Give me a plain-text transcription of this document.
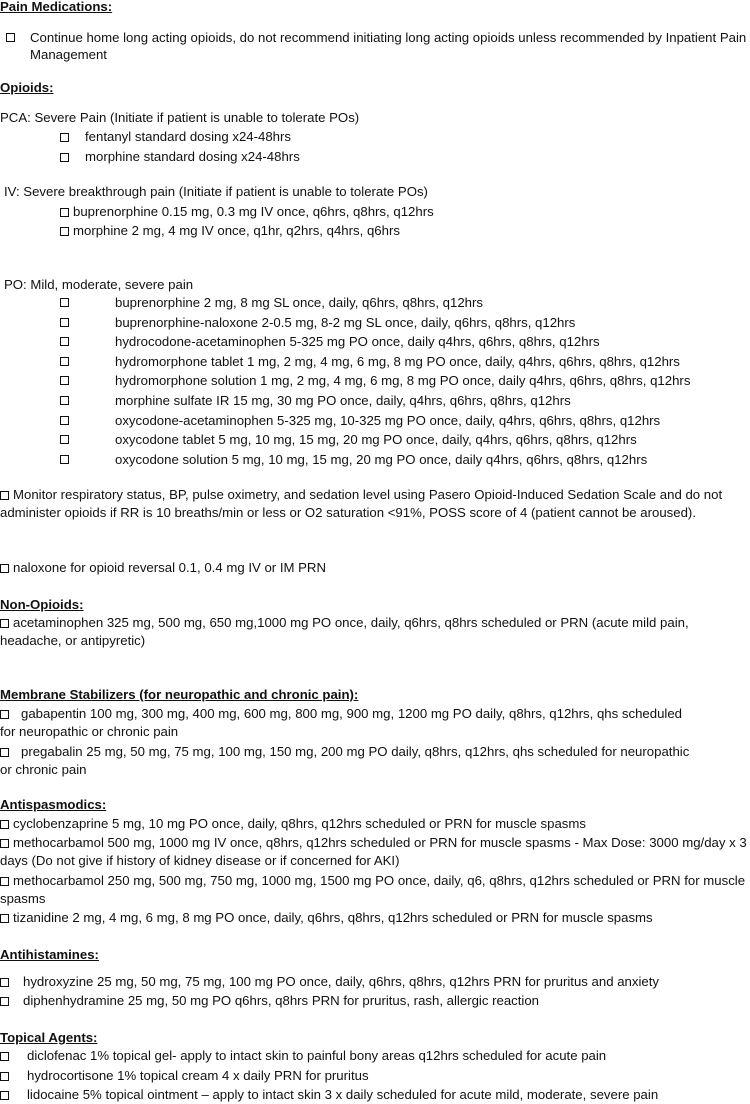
Pain Medications:
Continue home long acting opioids, do not recommend initiating long acting opioids unless recommended by Inpatient Pain Management
Opioids:
PCA: Severe Pain (Initiate if patient is unable to tolerate POs)
fentanyl standard dosing x24-48hrs
morphine standard dosing x24-48hrs
IV: Severe breakthrough pain (Initiate if patient is unable to tolerate POs)
buprenorphine 0.15 mg, 0.3 mg IV once, q6hrs, q8hrs, q12hrs
morphine 2 mg, 4 mg IV once, q1hr, q2hrs, q4hrs, q6hrs
PO: Mild, moderate, severe pain
buprenorphine 2 mg, 8 mg SL once, daily, q6hrs, q8hrs, q12hrs
buprenorphine-naloxone 2-0.5 mg, 8-2 mg SL once, daily, q6hrs, q8hrs, q12hrs
hydrocodone-acetaminophen 5-325 mg PO once, daily q4hrs, q6hrs, q8hrs, q12hrs
hydromorphone tablet 1 mg, 2 mg, 4 mg, 6 mg, 8 mg PO once, daily, q4hrs, q6hrs, q8hrs, q12hrs
hydromorphone solution 1 mg, 2 mg, 4 mg, 6 mg, 8 mg PO once, daily q4hrs, q6hrs, q8hrs, q12hrs
morphine sulfate IR 15 mg, 30 mg PO once, daily, q4hrs, q6hrs, q8hrs, q12hrs
oxycodone-acetaminophen 5-325 mg, 10-325 mg PO once, daily, q4hrs, q6hrs, q8hrs, q12hrs
oxycodone tablet 5 mg, 10 mg, 15 mg, 20 mg PO once, daily, q4hrs, q6hrs, q8hrs, q12hrs
oxycodone solution 5 mg, 10 mg, 15 mg, 20 mg PO once, daily q4hrs, q6hrs, q8hrs, q12hrs
Monitor respiratory status, BP, pulse oximetry, and sedation level using Pasero Opioid-Induced Sedation Scale and do not administer opioids if RR is 10 breaths/min or less or O2 saturation <91%, POSS score of 4 (patient cannot be aroused).
naloxone for opioid reversal 0.1, 0.4 mg IV or IM PRN
Non-Opioids:
acetaminophen 325 mg, 500 mg, 650 mg,1000 mg PO once, daily, q6hrs, q8hrs scheduled or PRN (acute mild pain, headache, or antipyretic)
Membrane Stabilizers (for neuropathic and chronic pain):
gabapentin 100 mg, 300 mg, 400 mg, 600 mg, 800 mg, 900 mg, 1200 mg PO daily, q8hrs, q12hrs, qhs scheduled for neuropathic or chronic pain
pregabalin 25 mg, 50 mg, 75 mg, 100 mg, 150 mg, 200 mg PO daily, q8hrs, q12hrs, qhs scheduled for neuropathic or chronic pain
Antispasmodics:
cyclobenzaprine 5 mg, 10 mg PO once, daily, q8hrs, q12hrs scheduled or PRN for muscle spasms
methocarbamol 500 mg, 1000 mg IV once, q8hrs, q12hrs scheduled or PRN for muscle spasms - Max Dose: 3000 mg/day x 3 days (Do not give if history of kidney disease or if concerned for AKI)
methocarbamol 250 mg, 500 mg, 750 mg, 1000 mg, 1500 mg PO once, daily, q6, q8hrs, q12hrs scheduled or PRN for muscle spasms
tizanidine 2 mg, 4 mg, 6 mg, 8 mg PO once, daily, q6hrs, q8hrs, q12hrs scheduled or PRN for muscle spasms
Antihistamines:
hydroxyzine 25 mg, 50 mg, 75 mg, 100 mg PO once, daily, q6hrs, q8hrs, q12hrs PRN for pruritus and anxiety
diphenhydramine 25 mg, 50 mg PO q6hrs, q8hrs PRN for pruritus, rash, allergic reaction
Topical Agents:
diclofenac 1% topical gel- apply to intact skin to painful bony areas q12hrs scheduled for acute pain
hydrocortisone 1% topical cream 4 x daily PRN for pruritus
lidocaine 5% topical ointment – apply to intact skin 3 x daily scheduled for acute mild, moderate, severe pain
